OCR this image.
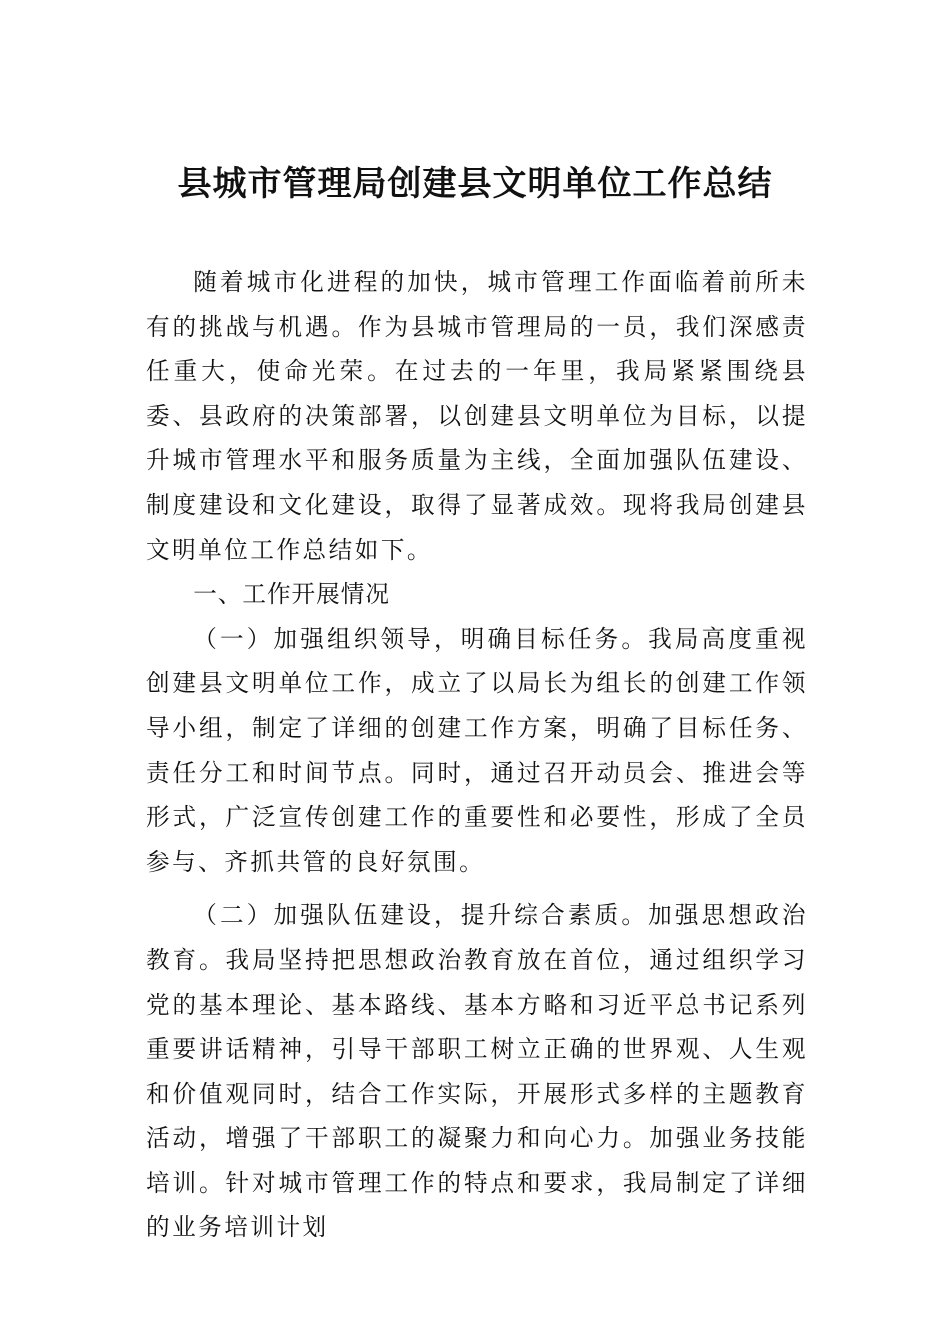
县城市管理局创建县文明单位工作总结

随着城市化进程的加快，城市管理工作面临着前所未有的挑战与机遇。作为县城市管理局的一员，我们深感责任重大，使命光荣。在过去的一年里，我局紧紧围绕县委、县政府的决策部署，以创建县文明单位为目标，以提升城市管理水平和服务质量为主线，全面加强队伍建设、制度建设和文化建设，取得了显著成效。现将我局创建县文明单位工作总结如下。

一、工作开展情况

（一）加强组织领导，明确目标任务。我局高度重视创建县文明单位工作，成立了以局长为组长的创建工作领导小组，制定了详细的创建工作方案，明确了目标任务、责任分工和时间节点。同时，通过召开动员会、推进会等形式，广泛宣传创建工作的重要性和必要性，形成了全员参与、齐抓共管的良好氛围。

（二）加强队伍建设，提升综合素质。加强思想政治教育。我局坚持把思想政治教育放在首位，通过组织学习党的基本理论、基本路线、基本方略和习近平总书记系列重要讲话精神，引导干部职工树立正确的世界观、人生观和价值观同时，结合工作实际，开展形式多样的主题教育活动，增强了干部职工的凝聚力和向心力。加强业务技能培训。针对城市管理工作的特点和要求，我局制定了详细的业务培训计划
